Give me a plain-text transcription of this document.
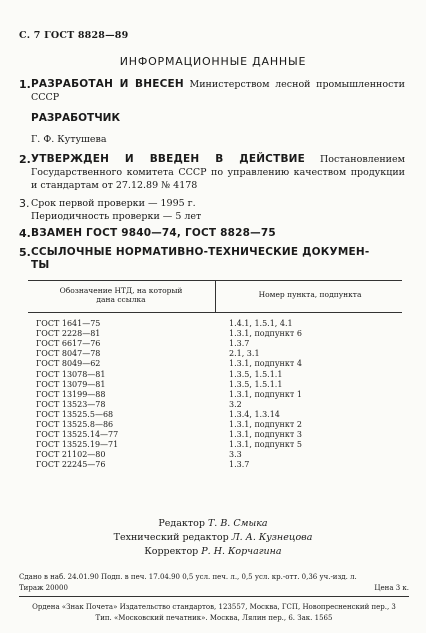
С. 7 ГОСТ 8828—89
ИНФОРМАЦИОННЫЕ ДАННЫЕ
1. РАЗРАБОТАН И ВНЕСЕН Министерством лесной промышленности СССР
РАЗРАБОТЧИК
Г. Ф. Кутушева
2. УТВЕРЖДЕН И ВВЕДЕН В ДЕЙСТВИЕ Постановлением Государственного комитета СССР по управлению качеством продукции и стандартам от 27.12.89 № 4178
3. Срок первой проверки — 1995 г.
Периодичность проверки — 5 лет
4. ВЗАМЕН ГОСТ 9840—74, ГОСТ 8828—75
5. ССЫЛОЧНЫЕ НОРМАТИВНО-ТЕХНИЧЕСКИЕ ДОКУМЕН-
ТЫ
Обозначение НТД, на который
дана ссылка
Номер пункта, подпункта
ГОСТ 1641—75	1.4.1, 1.5.1, 4.1
ГОСТ 2228—81	1.3.1, подпункт 6
ГОСТ 6617—76	1.3.7
ГОСТ 8047—78	2.1, 3.1
ГОСТ 8049—62	1.3.1, подпункт 4
ГОСТ 13078—81	1.3.5, 1.5.1.1
ГОСТ 13079—81	1.3.5, 1.5.1.1
ГОСТ 13199—88	1.3.1, подпункт 1
ГОСТ 13523—78	3.2
ГОСТ 13525.5—68	1.3.4, 1.3.14
ГОСТ 13525.8—86	1.3.1, подпункт 2
ГОСТ 13525.14—77	1.3.1, подпункт 3
ГОСТ 13525.19—71	1.3.1, подпункт 5
ГОСТ 21102—80	3.3
ГОСТ 22245—76	1.3.7
Редактор Т. В. Смыка
Технический редактор Л. А. Кузнецова
Корректор Р. Н. Корчагина
Сдано в наб. 24.01.90 Подп. в печ. 17.04.90 0,5 усл. печ. л., 0,5 усл. кр.-отт. 0,36 уч.-изд. л.
Тираж 20000	Цена 3 к.
Ордена «Знак Почета» Издательство стандартов, 123557, Москва, ГСП, Новопресненский пер., 3
Тип. «Московский печатник». Москва, Лялин пер., 6. Зак. 1565
